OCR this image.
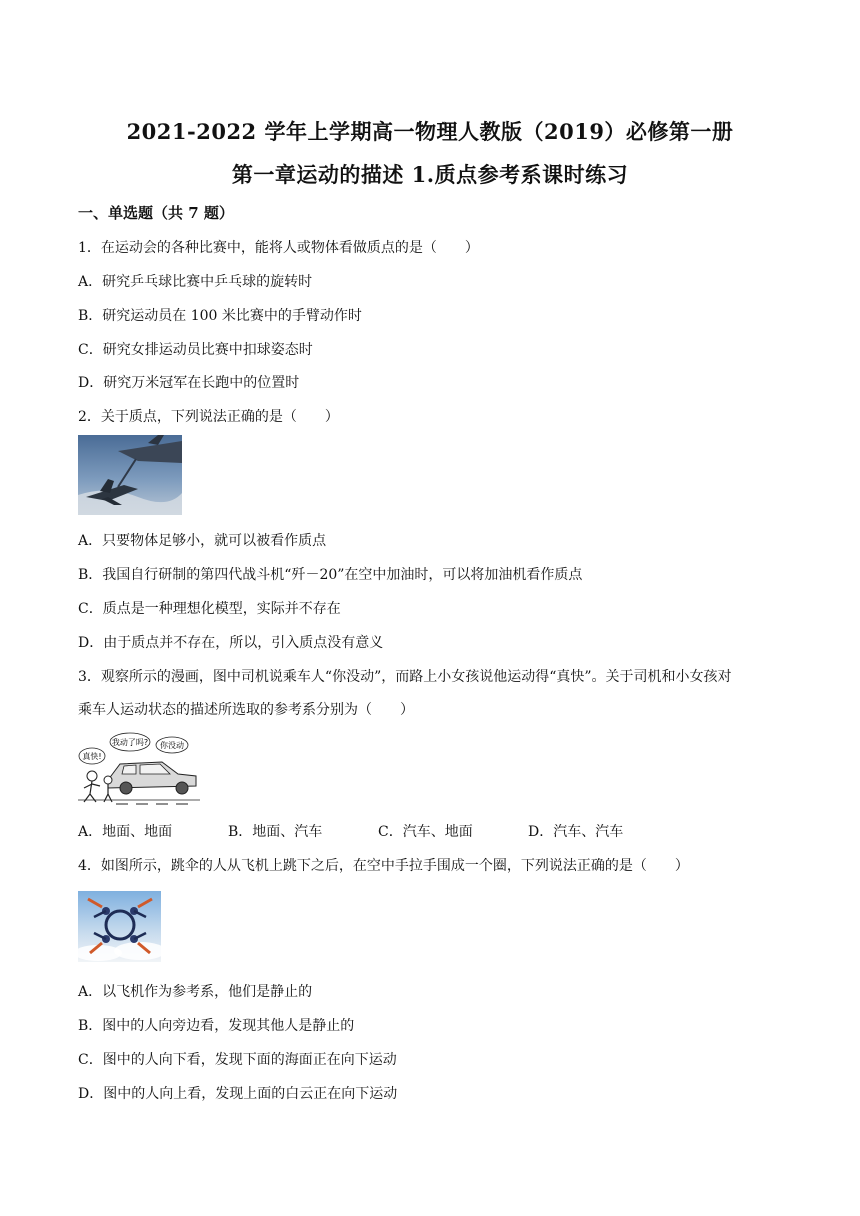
2021-2022 学年上学期高一物理人教版（2019）必修第一册
第一章运动的描述 1.质点参考系课时练习
一、单选题（共 7 题）
1．在运动会的各种比赛中，能将人或物体看做质点的是（　　）
A．研究乒乓球比赛中乒乓球的旋转时
B．研究运动员在 100 米比赛中的手臂动作时
C．研究女排运动员比赛中扣球姿态时
D．研究万米冠军在长跑中的位置时
2．关于质点，下列说法正确的是（　　）
A．只要物体足够小，就可以被看作质点
B．我国自行研制的第四代战斗机“歼－20”在空中加油时，可以将加油机看作质点
C．质点是一种理想化模型，实际并不存在
D．由于质点并不存在，所以，引入质点没有意义
3．观察所示的漫画，图中司机说乘车人“你没动”，而路上小女孩说他运动得“真快”。关于司机和小女孩对
乘车人运动状态的描述所选取的参考系分别为（　　）
我动了吗? 你没动
真快!
A．地面、地面	B．地面、汽车	C．汽车、地面	D．汽车、汽车
4．如图所示，跳伞的人从飞机上跳下之后，在空中手拉手围成一个圈，下列说法正确的是（　　）
A．以飞机作为参考系，他们是静止的
B．图中的人向旁边看，发现其他人是静止的
C．图中的人向下看，发现下面的海面正在向下运动
D．图中的人向上看，发现上面的白云正在向下运动
